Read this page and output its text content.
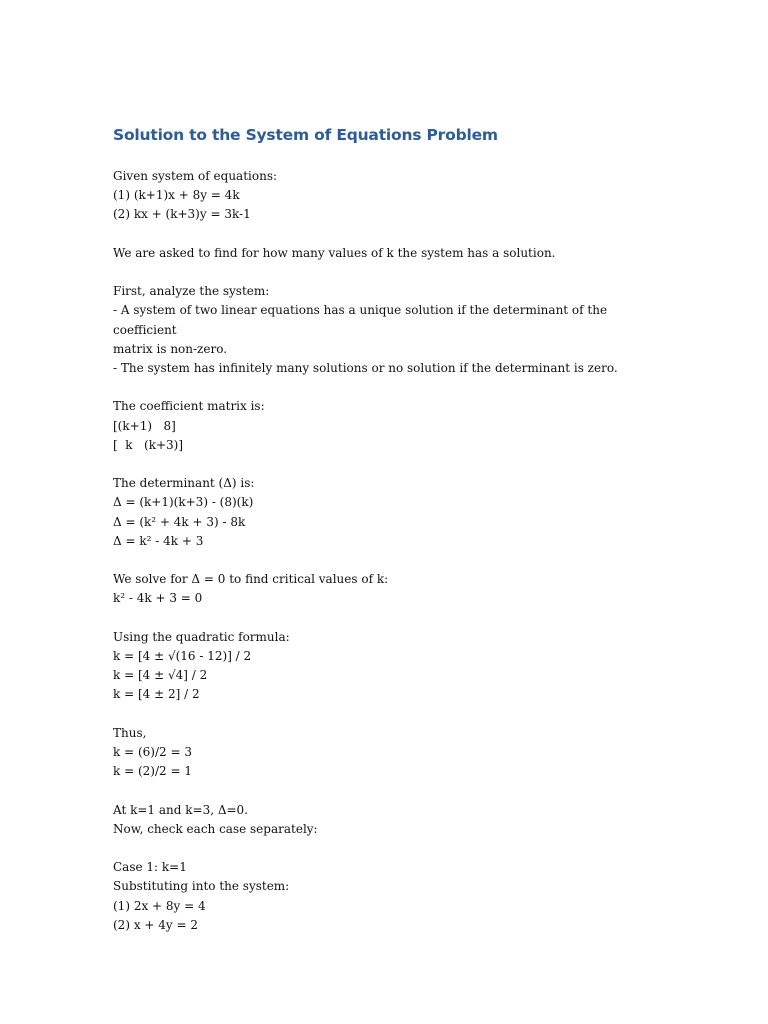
Solution to the System of Equations Problem
Given system of equations:
(1) (k+1)x + 8y = 4k
(2) kx + (k+3)y = 3k-1
We are asked to find for how many values of k the system has a solution.
First, analyze the system:
- A system of two linear equations has a unique solution if the determinant of the coefficient
matrix is non-zero.
- The system has infinitely many solutions or no solution if the determinant is zero.
The coefficient matrix is:
[(k+1)   8]
[  k   (k+3)]
The determinant (Δ) is:
Δ = (k+1)(k+3) - (8)(k)
Δ = (k² + 4k + 3) - 8k
Δ = k² - 4k + 3
We solve for Δ = 0 to find critical values of k:
k² - 4k + 3 = 0
Using the quadratic formula:
k = [4 ± √(16 - 12)] / 2
k = [4 ± √4] / 2
k = [4 ± 2] / 2
Thus,
k = (6)/2 = 3
k = (2)/2 = 1
At k=1 and k=3, Δ=0.
Now, check each case separately:
Case 1: k=1
Substituting into the system:
(1) 2x + 8y = 4
(2) x + 4y = 2
